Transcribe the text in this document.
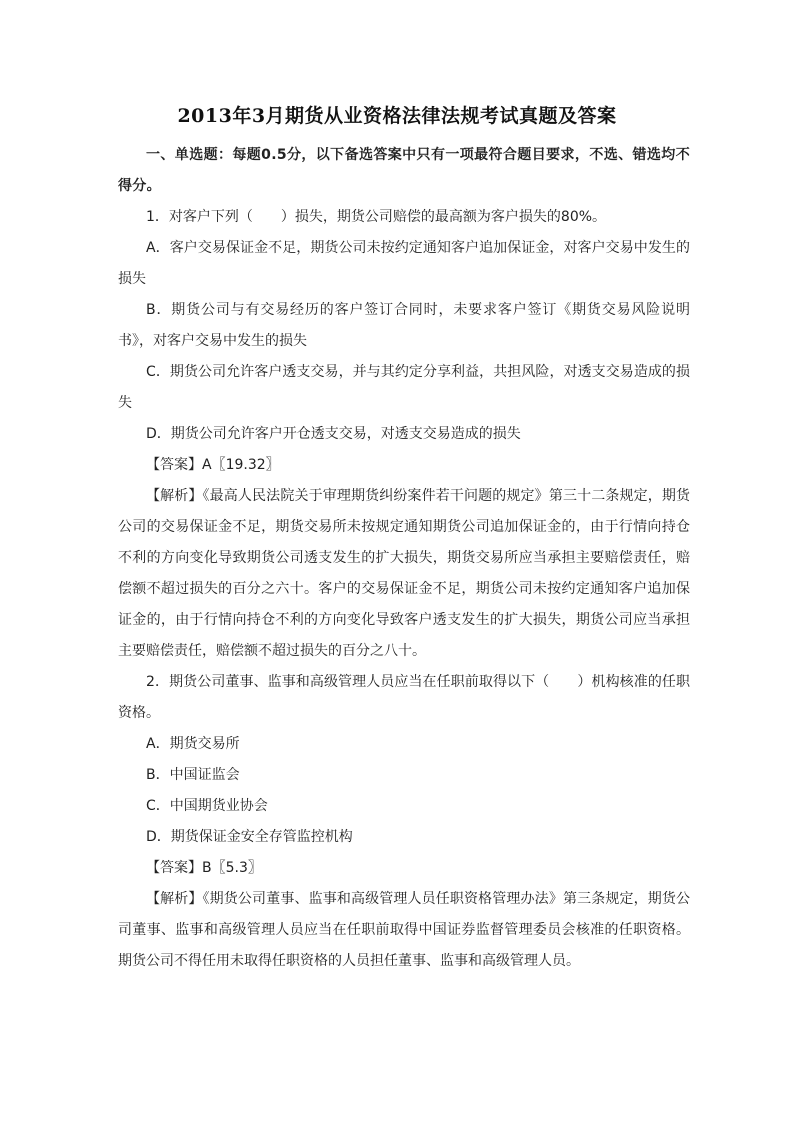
2013年3月期货从业资格法律法规考试真题及答案

一、单选题：每题0.5分，以下备选答案中只有一项最符合题目要求，不选、错选均不得分。

1．对客户下列（　　）损失，期货公司赔偿的最高额为客户损失的80%。

A．客户交易保证金不足，期货公司未按约定通知客户追加保证金，对客户交易中发生的损失

B．期货公司与有交易经历的客户签订合同时，未要求客户签订《期货交易风险说明书》，对客户交易中发生的损失

C．期货公司允许客户透支交易，并与其约定分享利益，共担风险，对透支交易造成的损失

D．期货公司允许客户开仓透支交易，对透支交易造成的损失

【答案】A〖19.32〗

【解析】《最高人民法院关于审理期货纠纷案件若干问题的规定》第三十二条规定，期货公司的交易保证金不足，期货交易所未按规定通知期货公司追加保证金的，由于行情向持仓不利的方向变化导致期货公司透支发生的扩大损失，期货交易所应当承担主要赔偿责任，赔偿额不超过损失的百分之六十。客户的交易保证金不足，期货公司未按约定通知客户追加保证金的，由于行情向持仓不利的方向变化导致客户透支发生的扩大损失，期货公司应当承担主要赔偿责任，赔偿额不超过损失的百分之八十。

2．期货公司董事、监事和高级管理人员应当在任职前取得以下（　　）机构核准的任职资格。

A．期货交易所

B．中国证监会

C．中国期货业协会

D．期货保证金安全存管监控机构

【答案】B〖5.3〗

【解析】《期货公司董事、监事和高级管理人员任职资格管理办法》第三条规定，期货公司董事、监事和高级管理人员应当在任职前取得中国证券监督管理委员会核准的任职资格。期货公司不得任用未取得任职资格的人员担任董事、监事和高级管理人员。
